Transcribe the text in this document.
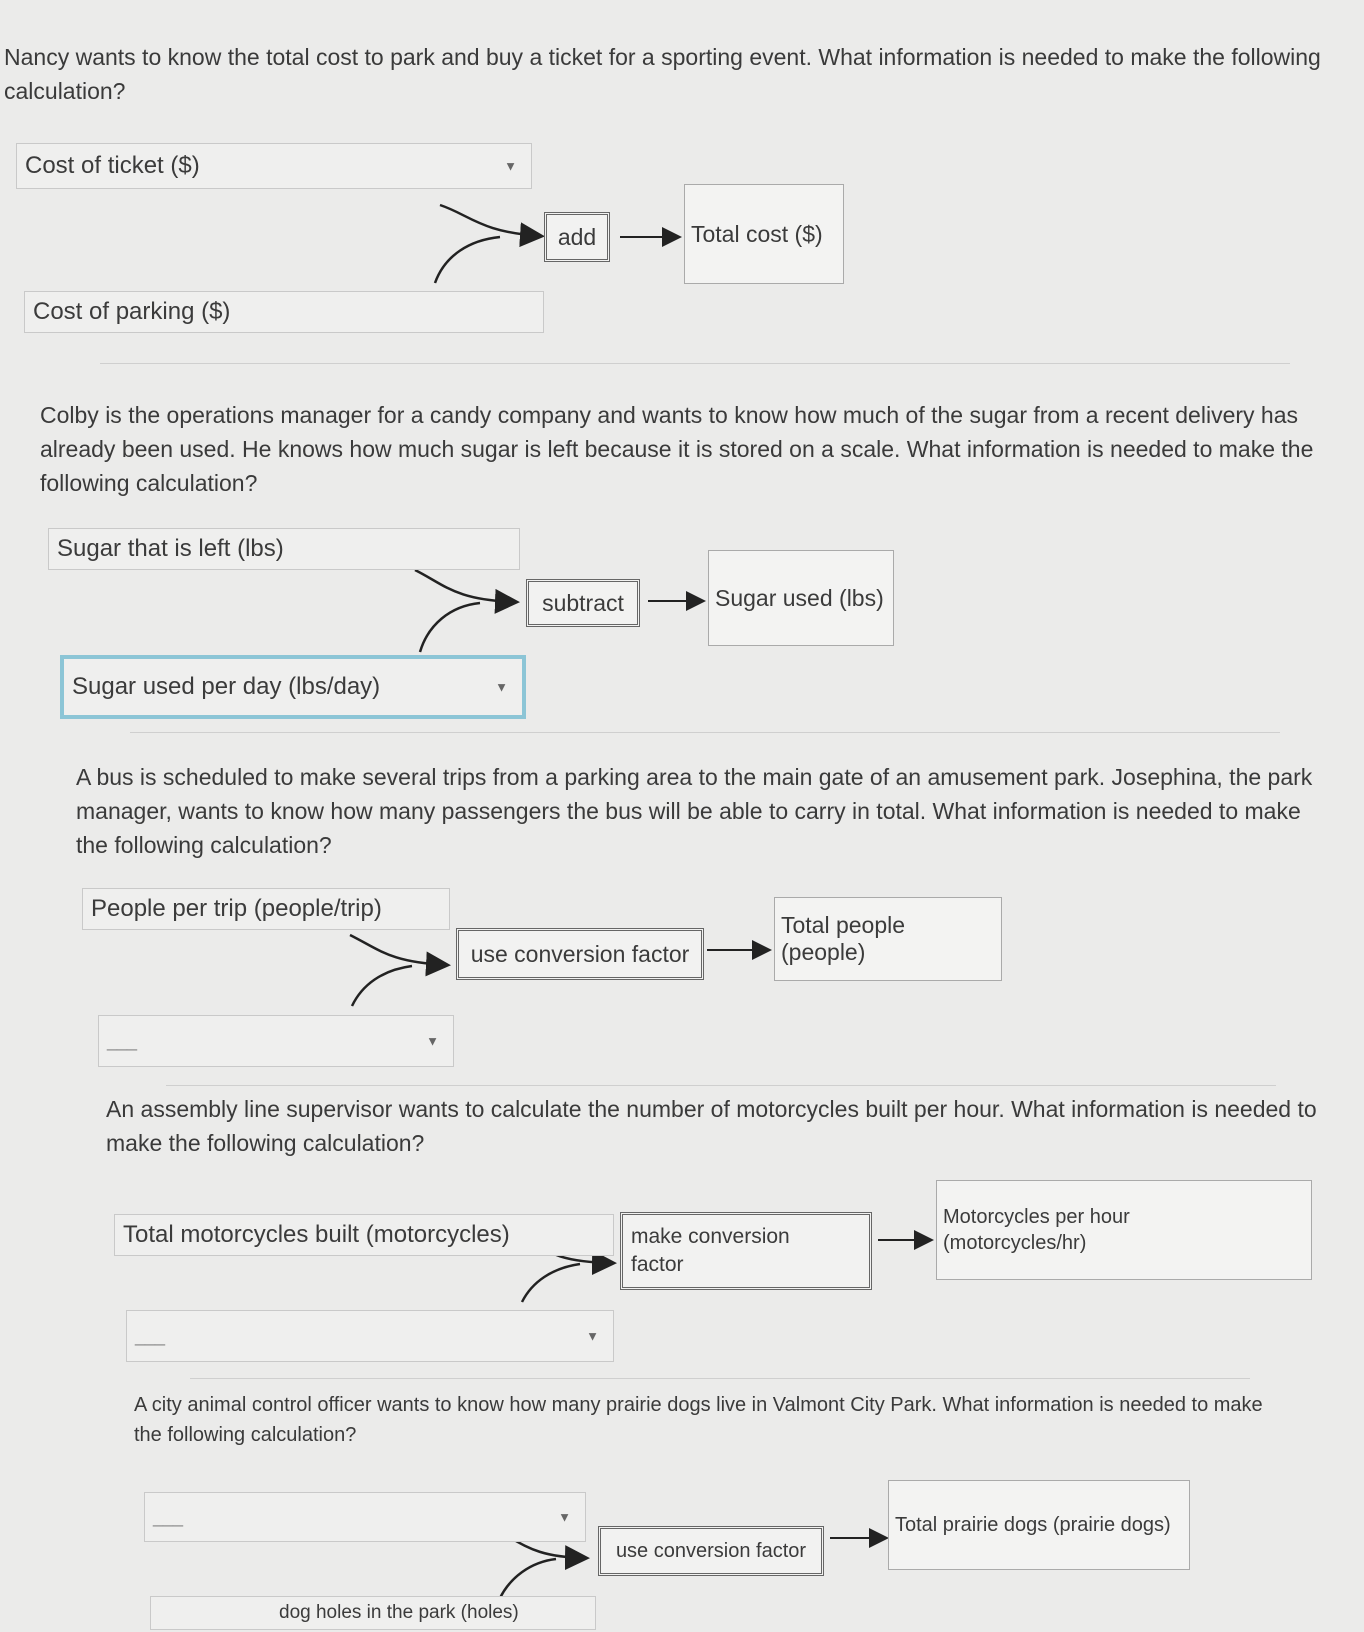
Nancy wants to know the total cost to park and buy a ticket for a sporting event. What information is needed to make the following calculation?
Cost of ticket ($)	▼
add	Total cost ($)
Cost of parking ($)
Colby is the operations manager for a candy company and wants to know how much of the sugar from a recent delivery has already been used. He knows how much sugar is left because it is stored on a scale. What information is needed to make the following calculation?
Sugar that is left (lbs)
subtract	Sugar used (lbs)
Sugar used per day (lbs/day)	▼
A bus is scheduled to make several trips from a parking area to the main gate of an amusement park. Josephina, the park manager, wants to know how many passengers the bus will be able to carry in total. What information is needed to make the following calculation?
People per trip (people/trip)
use conversion factor
Total people (people)
___	▼
An assembly line supervisor wants to calculate the number of motorcycles built per hour. What information is needed to make the following calculation?
Total motorcycles built (motorcycles)	make conversion factor
Motorcycles per hour (motorcycles/hr)
___	▼
A city animal control officer wants to know how many prairie dogs live in Valmont City Park. What information is needed to make the following calculation?
___	▼
use conversion factor
Total prairie dogs (prairie dogs)
dog holes in the park (holes)
